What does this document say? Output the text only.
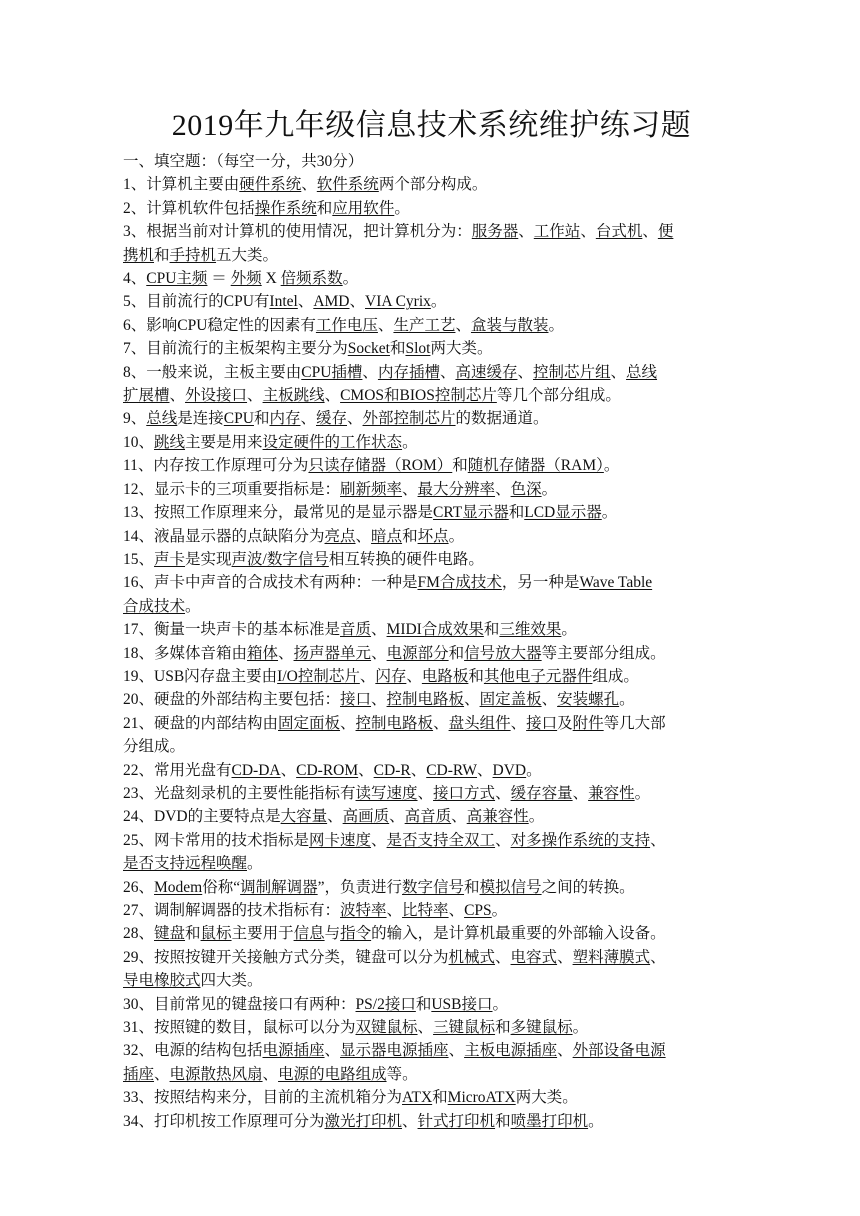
2019年九年级信息技术系统维护练习题

一、填空题：（每空一分，共30分）

1、计算机主要由硬件系统、软件系统两个部分构成。

2、计算机软件包括操作系统和应用软件。

3、根据当前对计算机的使用情况，把计算机分为：服务器、工作站、台式机、便

携机和手持机五大类。

4、CPU主频 ＝ 外频 X 倍频系数。

5、目前流行的CPU有Intel、AMD、VIA Cyrix。

6、影响CPU稳定性的因素有工作电压、生产工艺、盒装与散装。

7、目前流行的主板架构主要分为Socket和Slot两大类。

8、一般来说，主板主要由CPU插槽、内存插槽、高速缓存、控制芯片组、总线

扩展槽、外设接口、主板跳线、CMOS和BIOS控制芯片等几个部分组成。

9、总线是连接CPU和内存、缓存、外部控制芯片的数据通道。

10、跳线主要是用来设定硬件的工作状态。

11、内存按工作原理可分为只读存储器（ROM）和随机存储器（RAM）。

12、显示卡的三项重要指标是：刷新频率、最大分辨率、色深。

13、按照工作原理来分，最常见的是显示器是CRT显示器和LCD显示器。

14、液晶显示器的点缺陷分为亮点、暗点和坏点。

15、声卡是实现声波/数字信号相互转换的硬件电路。

16、声卡中声音的合成技术有两种：一种是FM合成技术，另一种是Wave Table

合成技术。

17、衡量一块声卡的基本标准是音质、MIDI合成效果和三维效果。

18、多媒体音箱由箱体、扬声器单元、电源部分和信号放大器等主要部分组成。

19、USB闪存盘主要由I/O控制芯片、闪存、电路板和其他电子元器件组成。

20、硬盘的外部结构主要包括：接口、控制电路板、固定盖板、安装螺孔。

21、硬盘的内部结构由固定面板、控制电路板、盘头组件、接口及附件等几大部

分组成。

22、常用光盘有CD-DA、CD-ROM、CD-R、CD-RW、DVD。

23、光盘刻录机的主要性能指标有读写速度、接口方式、缓存容量、兼容性。

24、DVD的主要特点是大容量、高画质、高音质、高兼容性。

25、网卡常用的技术指标是网卡速度、是否支持全双工、对多操作系统的支持、

是否支持远程唤醒。

26、Modem俗称“调制解调器”，负责进行数字信号和模拟信号之间的转换。

27、调制解调器的技术指标有：波特率、比特率、CPS。

28、键盘和鼠标主要用于信息与指令的输入，是计算机最重要的外部输入设备。

29、按照按键开关接触方式分类，键盘可以分为机械式、电容式、塑料薄膜式、

导电橡胶式四大类。

30、目前常见的键盘接口有两种：PS/2接口和USB接口。

31、按照键的数目，鼠标可以分为双键鼠标、三键鼠标和多键鼠标。

32、电源的结构包括电源插座、显示器电源插座、主板电源插座、外部设备电源

插座、电源散热风扇、电源的电路组成等。

33、按照结构来分，目前的主流机箱分为ATX和MicroATX两大类。

34、打印机按工作原理可分为激光打印机、针式打印机和喷墨打印机。
